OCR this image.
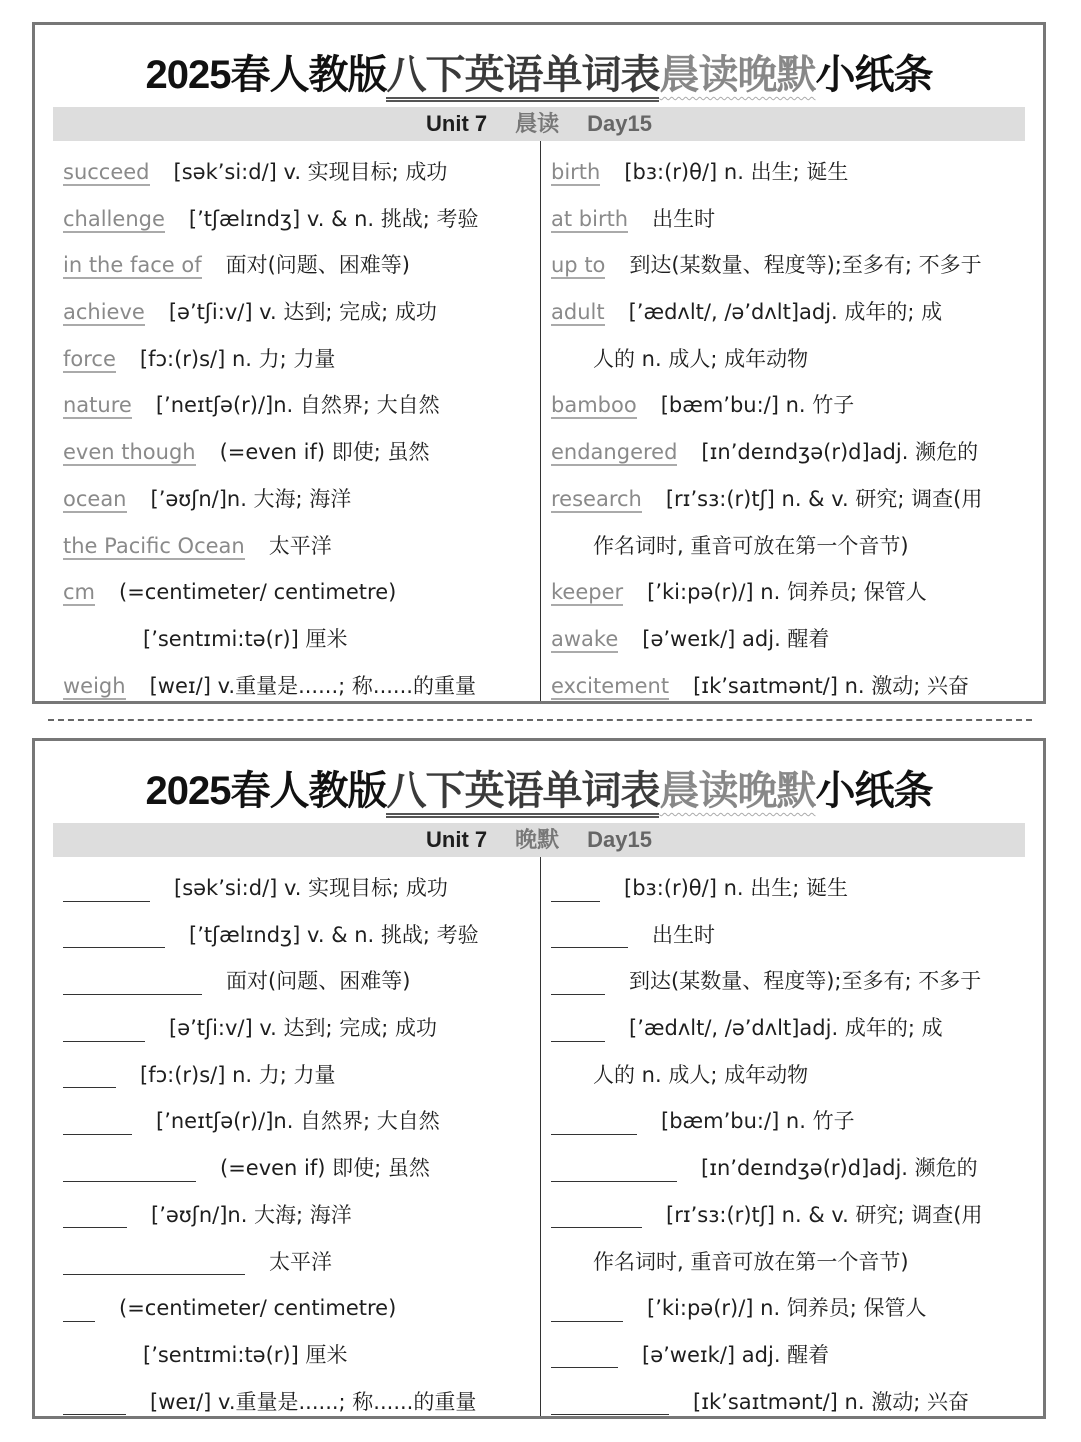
2025春人教版八下英语单词表晨读晚默小纸条
Unit 7 晨读 Day15
succeed [sək’si:d/] v. 实现目标; 成功
challenge [’tʃælɪndʒ] v. & n. 挑战; 考验
in the face of 面对(问题、困难等)
achieve [ə’tʃi:v/] v. 达到; 完成; 成功
force [fɔ:(r)s/] n. 力; 力量
nature [’neɪtʃə(r)/]n. 自然界; 大自然
even though (=even if) 即使; 虽然
ocean [’əʊʃn/]n. 大海; 海洋
the Pacific Ocean 太平洋
cm (=centimeter/ centimetre)
[’sentɪmi:tə(r)] 厘米
weigh [weɪ/] v.重量是......; 称......的重量
birth [bɜ:(r)θ/] n. 出生; 诞生
at birth 出生时
up to 到达(某数量、程度等);至多有; 不多于
adult [’ædʌlt/, /ə’dʌlt]adj. 成年的; 成
人的 n. 成人; 成年动物
bamboo [bæm’bu:/] n. 竹子
endangered [ɪn’deɪndʒə(r)d]adj. 濒危的
research [rɪ’sɜ:(r)tʃ] n. & v. 研究; 调查(用
作名词时, 重音可放在第一个音节)
keeper [’ki:pə(r)/] n. 饲养员; 保管人
awake [ə’weɪk/] adj. 醒着
excitement [ɪk’saɪtmənt/] n. 激动; 兴奋
2025春人教版八下英语单词表晨读晚默小纸条
Unit 7 晚默 Day15
[sək’si:d/] v. 实现目标; 成功
[’tʃælɪndʒ] v. & n. 挑战; 考验
面对(问题、困难等)
[ə’tʃi:v/] v. 达到; 完成; 成功
[fɔ:(r)s/] n. 力; 力量
[’neɪtʃə(r)/]n. 自然界; 大自然
(=even if) 即使; 虽然
[’əʊʃn/]n. 大海; 海洋
太平洋
(=centimeter/ centimetre)
[’sentɪmi:tə(r)] 厘米
[weɪ/] v.重量是......; 称......的重量
[bɜ:(r)θ/] n. 出生; 诞生
出生时
到达(某数量、程度等);至多有; 不多于
[’ædʌlt/, /ə’dʌlt]adj. 成年的; 成
人的 n. 成人; 成年动物
[bæm’bu:/] n. 竹子
[ɪn’deɪndʒə(r)d]adj. 濒危的
[rɪ’sɜ:(r)tʃ] n. & v. 研究; 调查(用
作名词时, 重音可放在第一个音节)
[’ki:pə(r)/] n. 饲养员; 保管人
[ə’weɪk/] adj. 醒着
[ɪk’saɪtmənt/] n. 激动; 兴奋
